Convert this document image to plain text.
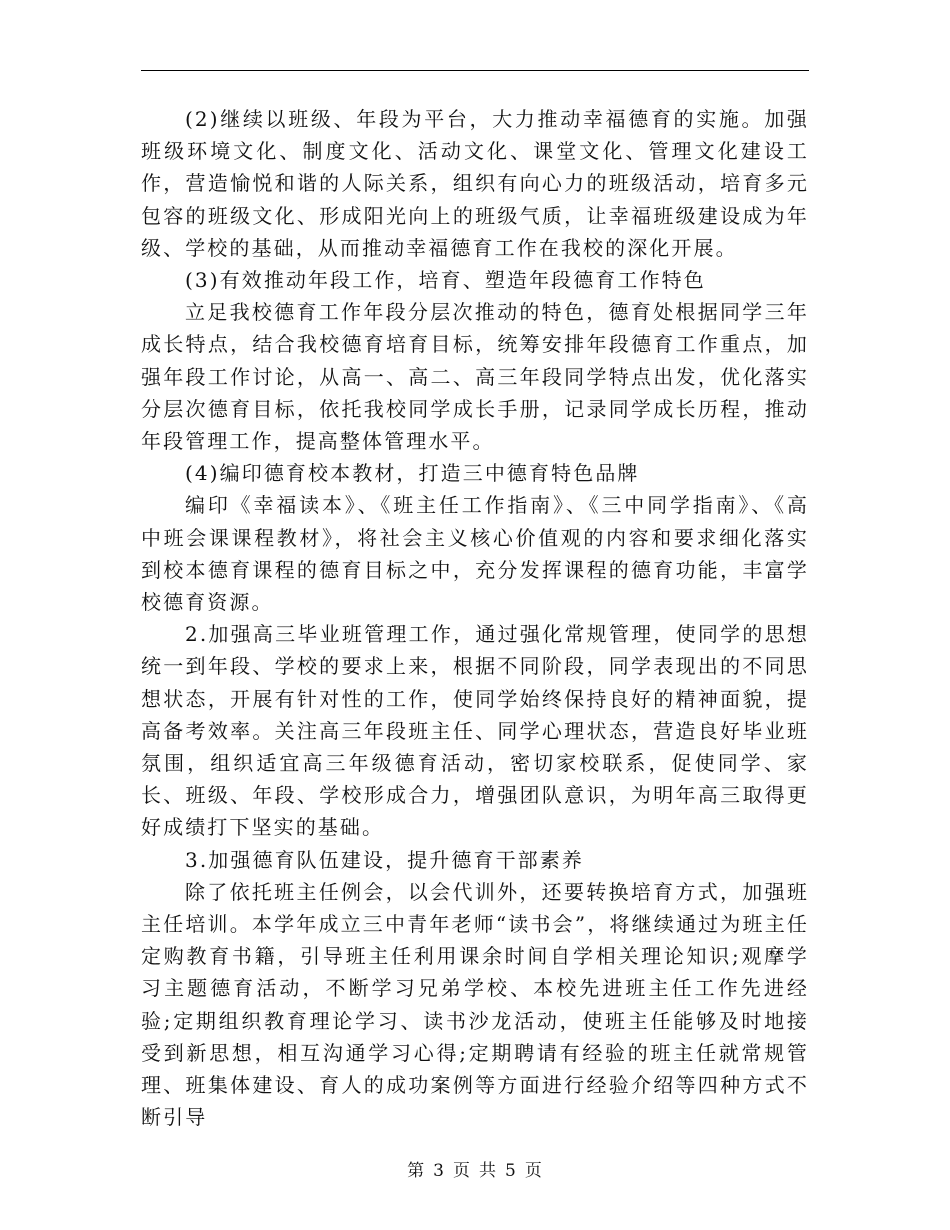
(2)继续以班级、年段为平台，大力推动幸福德育的实施。加强班级环境文化、制度文化、活动文化、课堂文化、管理文化建设工作，营造愉悦和谐的人际关系，组织有向心力的班级活动，培育多元包容的班级文化、形成阳光向上的班级气质，让幸福班级建设成为年级、学校的基础，从而推动幸福德育工作在我校的深化开展。

(3)有效推动年段工作，培育、塑造年段德育工作特色

立足我校德育工作年段分层次推动的特色，德育处根据同学三年成长特点，结合我校德育培育目标，统筹安排年段德育工作重点，加强年段工作讨论，从高一、高二、高三年段同学特点出发，优化落实分层次德育目标，依托我校同学成长手册，记录同学成长历程，推动年段管理工作，提高整体管理水平。

(4)编印德育校本教材，打造三中德育特色品牌

编印《幸福读本》、《班主任工作指南》、《三中同学指南》、《高中班会课课程教材》，将社会主义核心价值观的内容和要求细化落实到校本德育课程的德育目标之中，充分发挥课程的德育功能，丰富学校德育资源。

2.加强高三毕业班管理工作，通过强化常规管理，使同学的思想统一到年段、学校的要求上来，根据不同阶段，同学表现出的不同思想状态，开展有针对性的工作，使同学始终保持良好的精神面貌，提高备考效率。关注高三年段班主任、同学心理状态，营造良好毕业班氛围，组织适宜高三年级德育活动，密切家校联系，促使同学、家长、班级、年段、学校形成合力，增强团队意识，为明年高三取得更好成绩打下坚实的基础。

3.加强德育队伍建设，提升德育干部素养

除了依托班主任例会，以会代训外，还要转换培育方式，加强班主任培训。本学年成立三中青年老师“读书会”，将继续通过为班主任定购教育书籍，引导班主任利用课余时间自学相关理论知识;观摩学习主题德育活动，不断学习兄弟学校、本校先进班主任工作先进经验;定期组织教育理论学习、读书沙龙活动，使班主任能够及时地接受到新思想，相互沟通学习心得;定期聘请有经验的班主任就常规管理、班集体建设、育人的成功案例等方面进行经验介绍等四种方式不断引导

第 3 页 共 5 页
